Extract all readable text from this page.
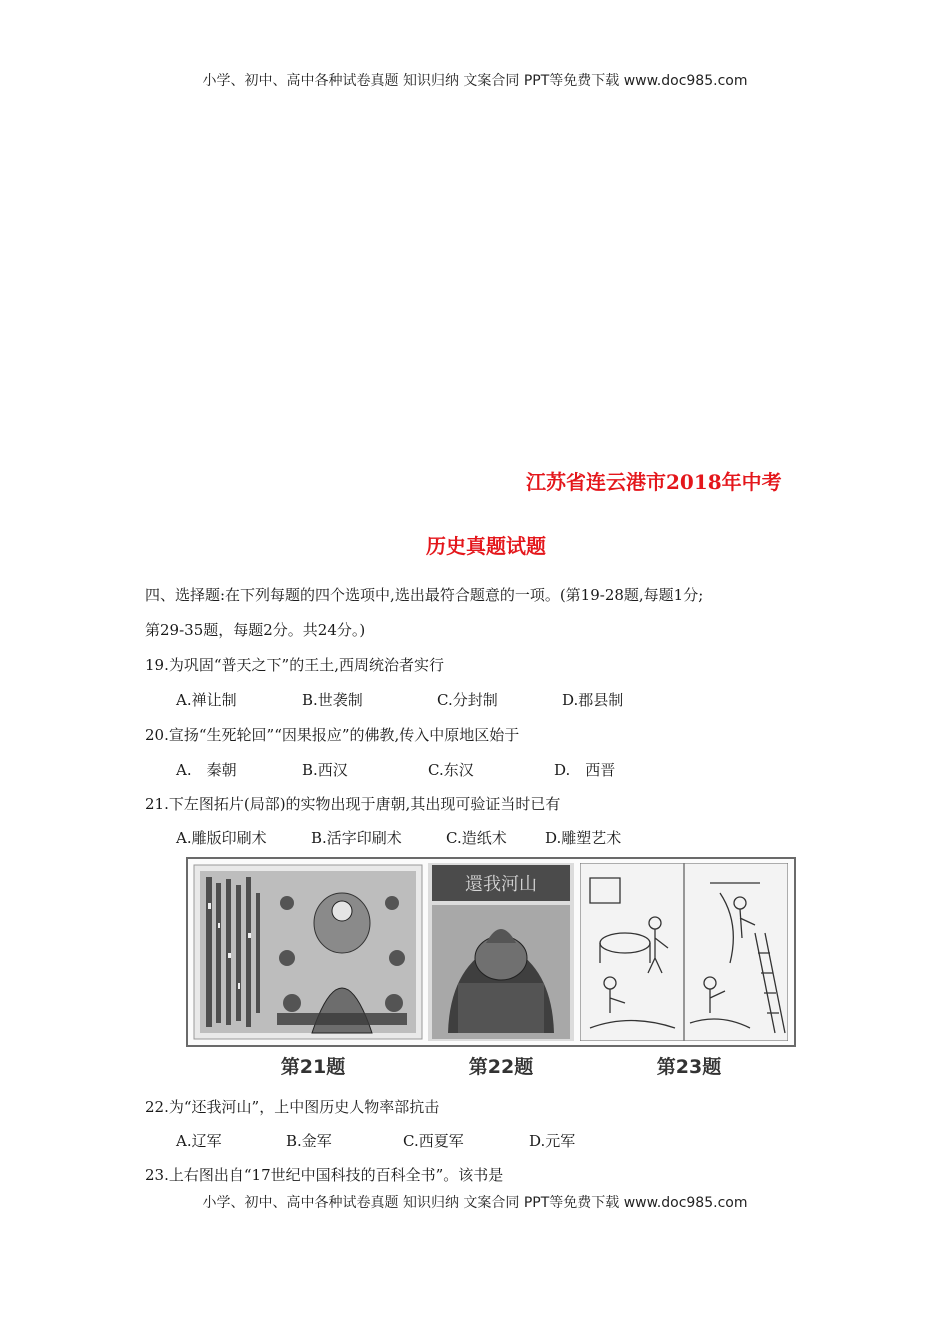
小学、初中、高中各种试卷真题 知识归纳 文案合同 PPT等免费下载 www.doc985.com
江苏省连云港市2018年中考
历史真题试题
四、选择题:在下列每题的四个选项中,选出最符合题意的一项。(第19-28题,每题1分;
第29-35题，每题2分。共24分。)
19.为巩固“普天之下”的王土,西周统治者实行
A.禅让制	B.世袭制	C.分封制	D.郡县制
20.宣扬“生死轮回”“因果报应”的佛教,传入中原地区始于
A.　秦朝	B.西汉	C.东汉	D.　西晋
21.下左图拓片(局部)的实物出现于唐朝,其出现可验证当时已有
A.雕版印刷术	B.活字印刷术	C.造纸术	D.雕塑艺术
還我河山
第21题	第22题	第23题
22.为“还我河山”，上中图历史人物率部抗击
A.辽军	B.金军	C.西夏军	D.元军
23.上右图出自“17世纪中国科技的百科全书”。该书是
小学、初中、高中各种试卷真题 知识归纳 文案合同 PPT等免费下载 www.doc985.com
